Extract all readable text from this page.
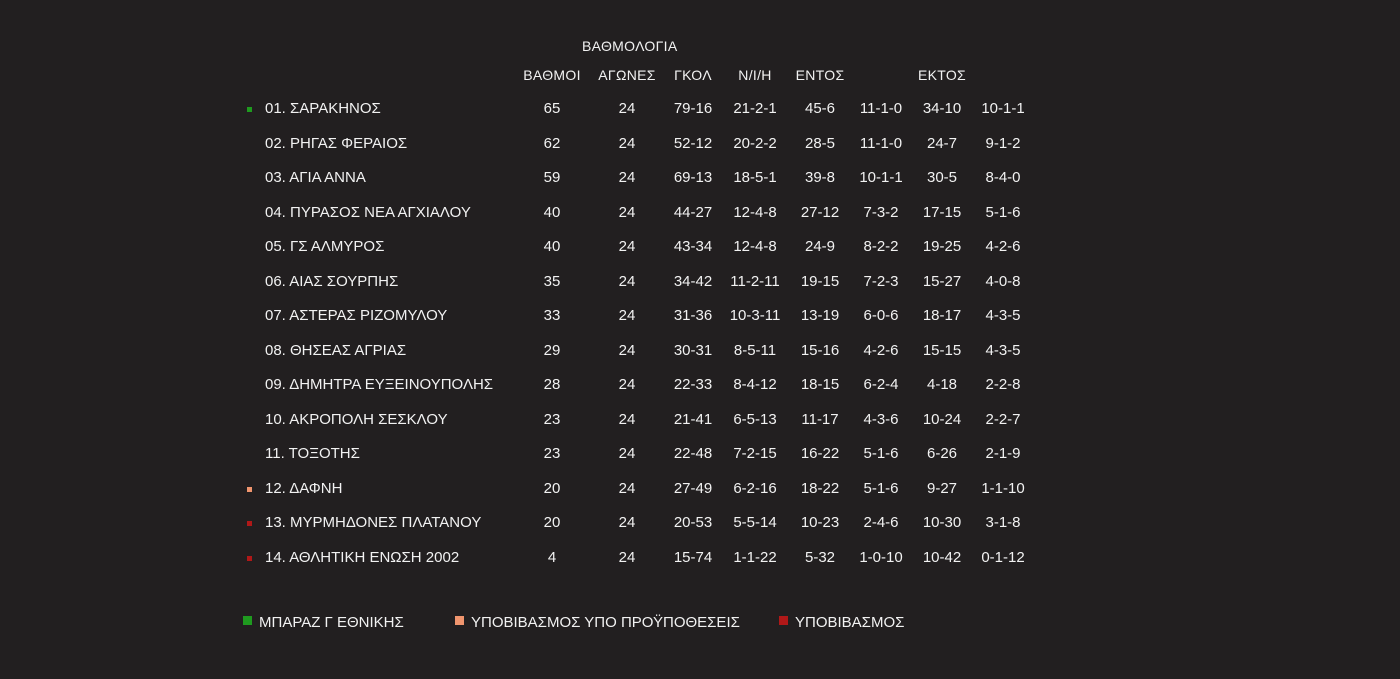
ΒΑΘΜΟΛΟΓΙΑ
ΒΑΘΜΟΙ ΑΓΩΝΕΣ ΓΚΟΛ Ν/Ι/Η ΕΝΤΟΣ	ΕΚΤΟΣ
01. ΣΑΡΑΚΗΝΟΣ	65	24	79-16 21-2-1 45-6 11-1-0 34-10 10-1-1
02. ΡΗΓΑΣ ΦΕΡΑΙΟΣ	62	24	52-12 20-2-2 28-5 11-1-0 24-7 9-1-2
03. ΑΓΙΑ ΑΝΝΑ	59	24	69-13 18-5-1 39-8 10-1-1 30-5 8-4-0
04. ΠΥΡΑΣΟΣ ΝΕΑ ΑΓΧΙΑΛΟΥ	40	24	44-27 12-4-8 27-12 7-3-2 17-15 5-1-6
05. ΓΣ ΑΛΜΥΡΟΣ	40	24	43-34 12-4-8 24-9 8-2-2 19-25 4-2-6
06. ΑΙΑΣ ΣΟΥΡΠΗΣ	35	24	34-42 11-2-11 19-15 7-2-3 15-27 4-0-8
07. ΑΣΤΕΡΑΣ ΡΙΖΟΜΥΛΟΥ	33	24	31-36 10-3-11 13-19 6-0-6 18-17 4-3-5
08. ΘΗΣΕΑΣ ΑΓΡΙΑΣ	29	24	30-31 8-5-11 15-16 4-2-6 15-15 4-3-5
09. ΔΗΜΗΤΡΑ ΕΥΞΕΙΝΟΥΠΟΛΗΣ	28	24	22-33 8-4-12 18-15 6-2-4 4-18 2-2-8
10. ΑΚΡΟΠΟΛΗ ΣΕΣΚΛΟΥ	23	24	21-41 6-5-13 11-17 4-3-6 10-24 2-2-7
11. ΤΟΞΟΤΗΣ	23	24	22-48 7-2-15 16-22 5-1-6 6-26 2-1-9
12. ΔΑΦΝΗ	20	24	27-49 6-2-16 18-22 5-1-6 9-27 1-1-10
13. ΜΥΡΜΗΔΟΝΕΣ ΠΛΑΤΑΝΟΥ	20	24	20-53 5-5-14 10-23 2-4-6 10-30 3-1-8
14. ΑΘΛΗΤΙΚΗ ΕΝΩΣΗ 2002	4	24	15-74 1-1-22 5-32 1-0-10 10-42 0-1-12
ΜΠΑΡΑΖ Γ ΕΘΝΙΚΗΣ	ΥΠΟΒΙΒΑΣΜΟΣ ΥΠΟ ΠΡΟΫΠΟΘΕΣΕΙΣ	ΥΠΟΒΙΒΑΣΜΟΣ
